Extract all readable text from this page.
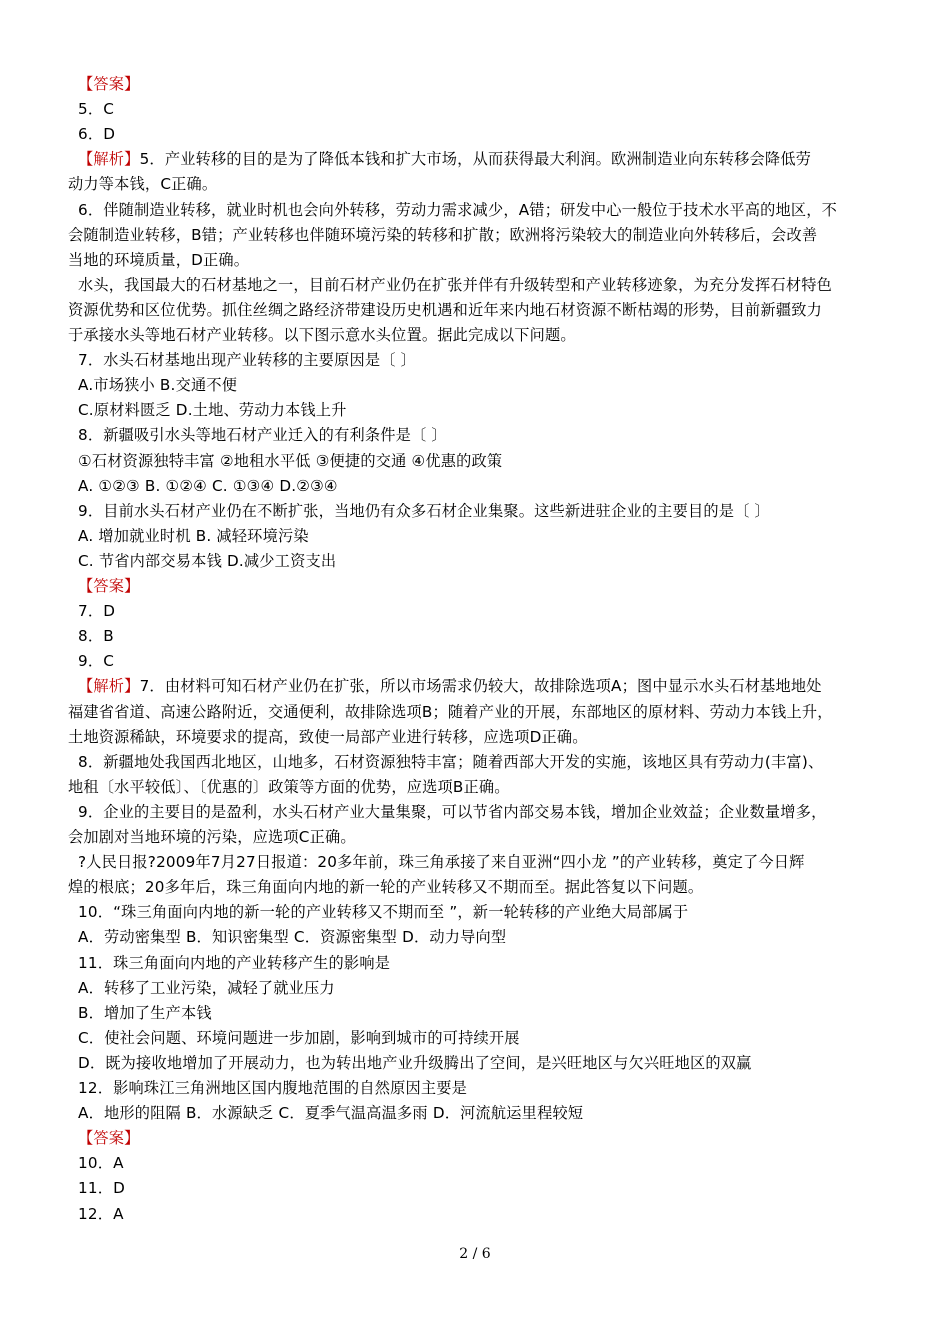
【答案】
5．C
6．D
【解析】5．产业转移的目的是为了降低本钱和扩大市场，从而获得最大利润。欧洲制造业向东转移会降低劳
动力等本钱，C正确。
6．伴随制造业转移，就业时机也会向外转移，劳动力需求减少，A错；研发中心一般位于技术水平高的地区，不
会随制造业转移，B错；产业转移也伴随环境污染的转移和扩散；欧洲将污染较大的制造业向外转移后，会改善
当地的环境质量，D正确。
水头，我国最大的石材基地之一，目前石材产业仍在扩张并伴有升级转型和产业转移迹象，为充分发挥石材特色
资源优势和区位优势。抓住丝绸之路经济带建设历史机遇和近年来内地石材资源不断枯竭的形势，目前新疆致力
于承接水头等地石材产业转移。以下图示意水头位置。据此完成以下问题。
7．水头石材基地出现产业转移的主要原因是〔 〕
A.市场狭小 B.交通不便
C.原材料匮乏 D.土地、劳动力本钱上升
8．新疆吸引水头等地石材产业迁入的有利条件是〔 〕
①石材资源独特丰富 ②地租水平低 ③便捷的交通 ④优惠的政策
A. ①②③ B. ①②④ C. ①③④ D.②③④
9．目前水头石材产业仍在不断扩张，当地仍有众多石材企业集聚。这些新进驻企业的主要目的是〔 〕
A. 增加就业时机 B. 减轻环境污染
C. 节省内部交易本钱 D.减少工资支出
【答案】
7．D
8．B
9．C
【解析】7．由材料可知石材产业仍在扩张，所以市场需求仍较大，故排除选项A；图中显示水头石材基地地处
福建省省道、高速公路附近，交通便利，故排除选项B；随着产业的开展，东部地区的原材料、劳动力本钱上升，
土地资源稀缺，环境要求的提高，致使一局部产业进行转移，应选项D正确。
8．新疆地处我国西北地区，山地多，石材资源独特丰富；随着西部大开发的实施，该地区具有劳动力(丰富)、
地租〔水平较低〕、〔优惠的〕政策等方面的优势，应选项B正确。
9．企业的主要目的是盈利，水头石材产业大量集聚，可以节省内部交易本钱，增加企业效益；企业数量增多，
会加剧对当地环境的污染，应选项C正确。
?人民日报?2009年7月27日报道：20多年前，珠三角承接了来自亚洲“四小龙 ”的产业转移，奠定了今日辉
煌的根底；20多年后，珠三角面向内地的新一轮的产业转移又不期而至。据此答复以下问题。
10．“珠三角面向内地的新一轮的产业转移又不期而至 ”，新一轮转移的产业绝大局部属于
A．劳动密集型 B．知识密集型 C．资源密集型 D．动力导向型
11．珠三角面向内地的产业转移产生的影响是
A．转移了工业污染，减轻了就业压力
B．增加了生产本钱
C．使社会问题、环境问题进一步加剧，影响到城市的可持续开展
D．既为接收地增加了开展动力，也为转出地产业升级腾出了空间，是兴旺地区与欠兴旺地区的双赢
12．影响珠江三角洲地区国内腹地范围的自然原因主要是
A．地形的阻隔 B．水源缺乏 C．夏季气温高温多雨 D．河流航运里程较短
【答案】
10．A
11．D
12．A
2 / 6
